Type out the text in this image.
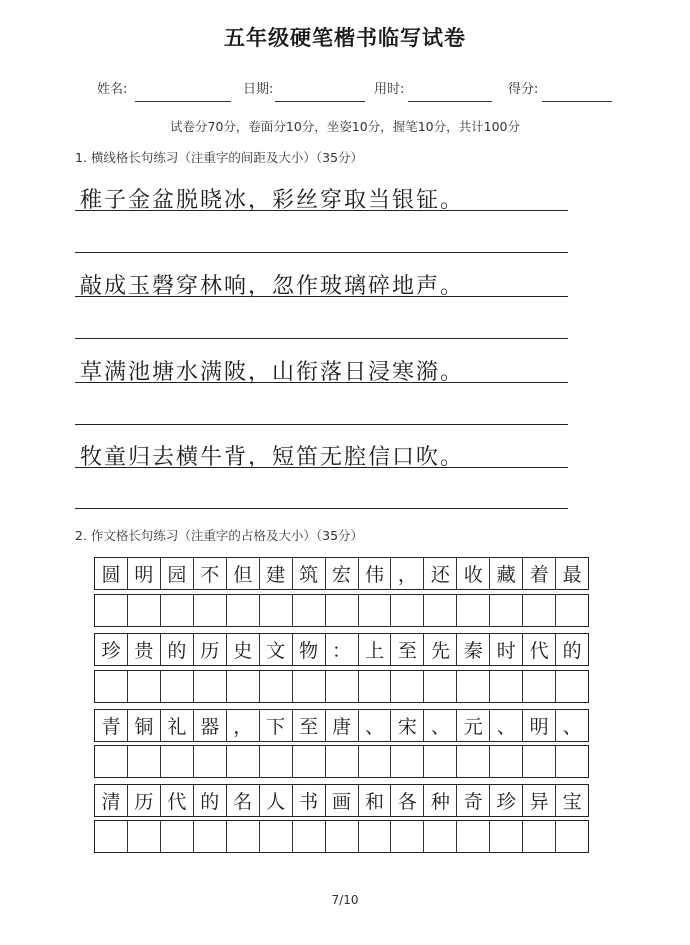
五年级硬笔楷书临写试卷
姓名:	日期:	用时:	得分:
试卷分70分，卷面分10分，坐姿10分，握笔10分，共计100分
1. 横线格长句练习（注重字的间距及大小）（35分）
稚子金盆脱晓冰，彩丝穿取当银钲。
敲成玉磬穿林响，忽作玻璃碎地声。
草满池塘水满陂，山衔落日浸寒漪。
牧童归去横牛背，短笛无腔信口吹。
2. 作文格长句练习（注重字的占格及大小）（35分）
圆 明 园 不 但 建 筑 宏 伟 ， 还 收 藏 着 最
珍 贵 的 历 史 文 物 ： 上 至 先 秦 时 代 的
青 铜 礼 器 ， 下 至 唐 、 宋 、 元 、 明 、
清 历 代 的 名 人 书 画 和 各 种 奇 珍 异 宝
7/10
